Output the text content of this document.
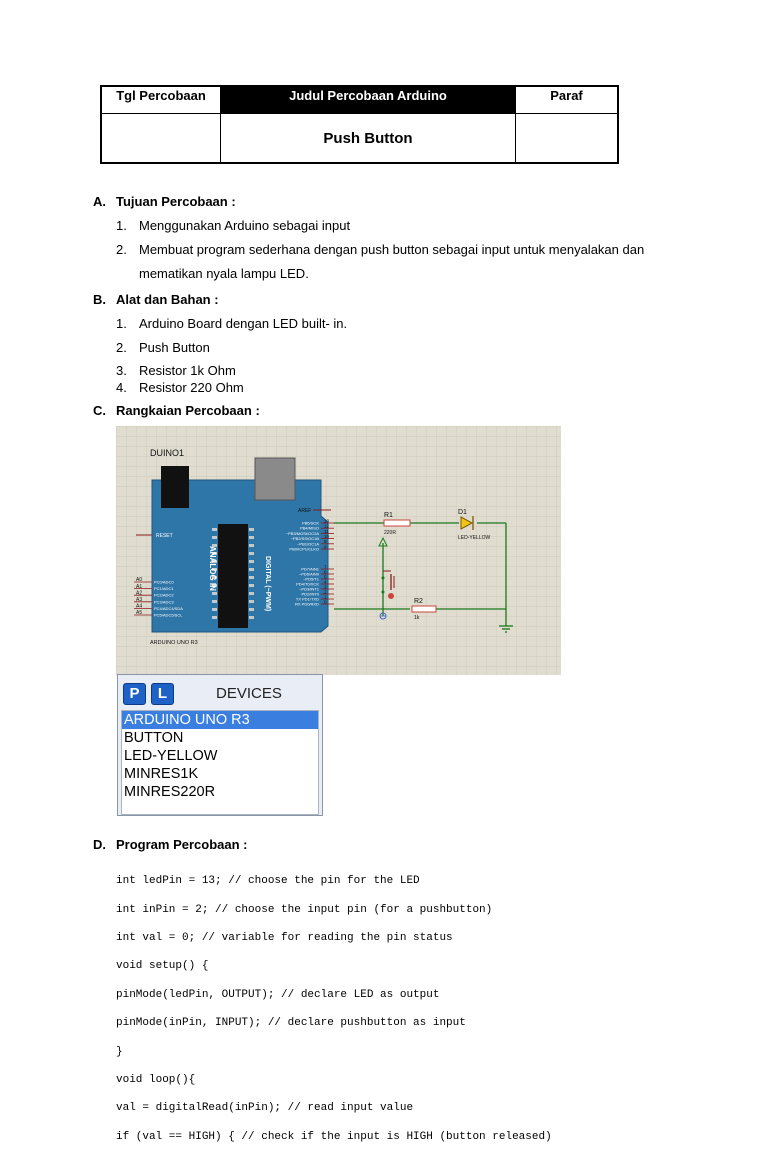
Tgl Percobaan	Judul Percobaan Arduino	Paraf
	Push Button	
A. Tujuan Percobaan :
1. Menggunakan Arduino sebagai input
2. Membuat program sederhana dengan push button sebagai input untuk menyalakan dan
mematikan nyala lampu LED.
B. Alat dan Bahan :
1. Arduino Board dengan LED built- in.
2. Push Button
3. Resistor 1k Ohm
4. Resistor 220 Ohm
C. Rangkaian Percobaan :
DUINO1
ANALOG IN	DIGITAL (~PWM)
AREF
RESET
A0	PC0/ADC0
A1	PC1/ADC1
A2	PC2/ADC2
A3	PC3/ADC3
A4	PC4/ADC4/SDA
A5	PC5/ADC5/SCL
13
PB5/SCK
12
PB4/MISO
11
~PB3/MOSI/OC2A
10
~PB2/SS/OC1B
9
~PB1/OC1A
8
PB0/ICP1/CLKO
7
PD7/AIN1
6
~PD6/AIN0
5
~PD5/T1
4
PD4/T0/XCK
3
~PD3/INT1
2
PD2/INT0
1
TX PD1/TXD
0
RX PD0/RXD
ARDUINO UNO R3
R1
220R
D1
LED-YELLOW
R2
1k
P	L	DEVICES
ARDUINO UNO R3
BUTTON
LED-YELLOW
MINRES1K
MINRES220R
D. Program Percobaan :

int ledPin = 13; // choose the pin for the LED

int inPin = 2; // choose the input pin (for a pushbutton)

int val = 0; // variable for reading the pin status

void setup() {

pinMode(ledPin, OUTPUT); // declare LED as output

pinMode(inPin, INPUT); // declare pushbutton as input

}

void loop(){

val = digitalRead(inPin); // read input value

if (val == HIGH) { // check if the input is HIGH (button released)
